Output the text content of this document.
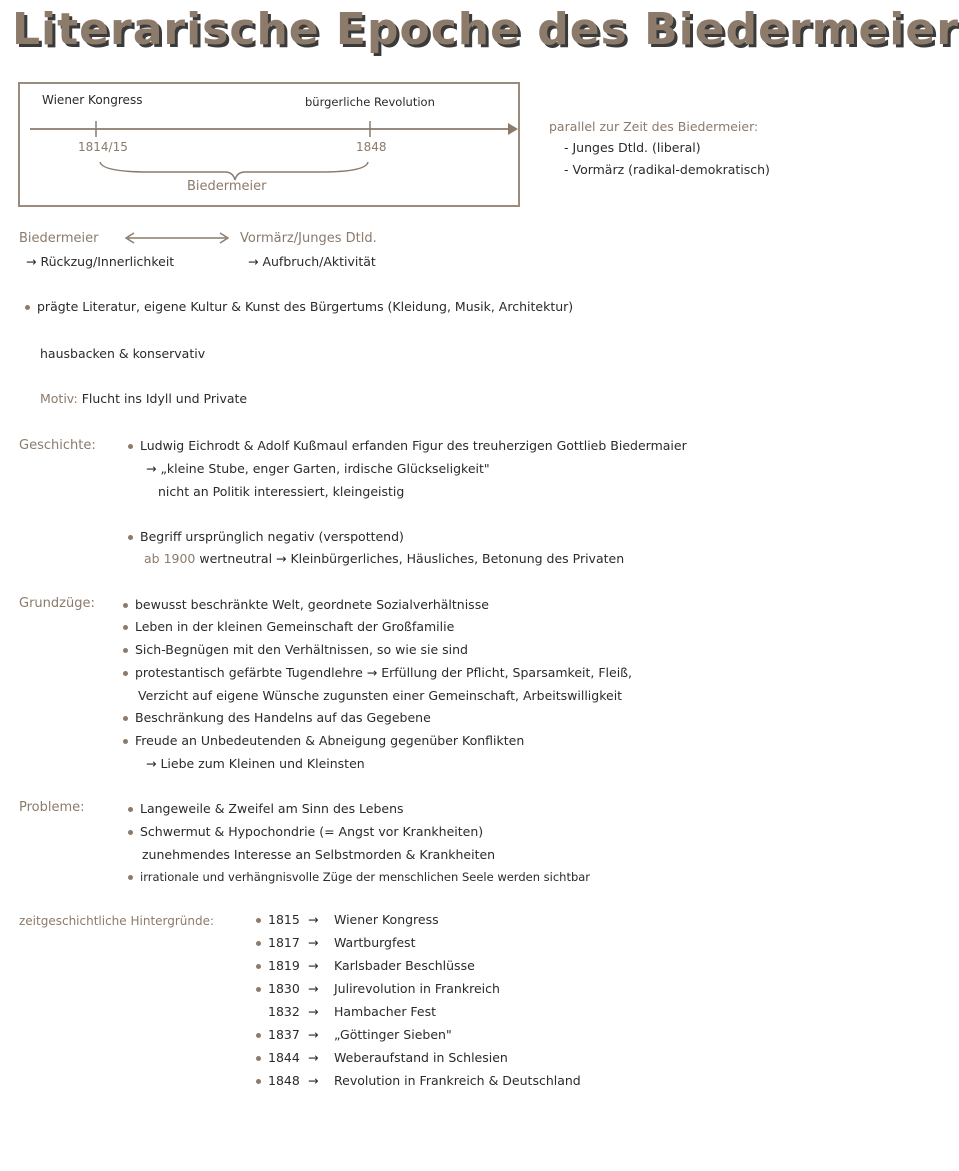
Literarische Epoche des Biedermeier
Wiener Kongress	bürgerliche Revolution
1814/15	1848
Biedermeier
parallel zur Zeit des Biedermeier:
- Junges Dtld. (liberal)
- Vormärz (radikal-demokratisch)
Biedermeier	Vormärz/Junges Dtld.
→ Rückzug/Innerlichkeit	→ Aufbruch/Aktivität
prägte Literatur, eigene Kultur & Kunst des Bürgertums (Kleidung, Musik, Architektur)
hausbacken & konservativ
Motiv: Flucht ins Idyll und Private
Geschichte:	Ludwig Eichrodt & Adolf Kußmaul erfanden Figur des treuherzigen Gottlieb Biedermaier
→ „kleine Stube, enger Garten, irdische Glückseligkeit"
nicht an Politik interessiert, kleingeistig
Begriff ursprünglich negativ (verspottend)
ab 1900 wertneutral → Kleinbürgerliches, Häusliches, Betonung des Privaten
Grundzüge:	bewusst beschränkte Welt, geordnete Sozialverhältnisse
Leben in der kleinen Gemeinschaft der Großfamilie
Sich-Begnügen mit den Verhältnissen, so wie sie sind
protestantisch gefärbte Tugendlehre → Erfüllung der Pflicht, Sparsamkeit, Fleiß,
Verzicht auf eigene Wünsche zugunsten einer Gemeinschaft, Arbeitswilligkeit
Beschränkung des Handelns auf das Gegebene
Freude an Unbedeutenden & Abneigung gegenüber Konflikten
→ Liebe zum Kleinen und Kleinsten
Probleme:	Langeweile & Zweifel am Sinn des Lebens
Schwermut & Hypochondrie (= Angst vor Krankheiten)
zunehmendes Interesse an Selbstmorden & Krankheiten
irrationale und verhängnisvolle Züge der menschlichen Seele werden sichtbar
zeitgeschichtliche Hintergründe:	1815 → Wiener Kongress
1817 → Wartburgfest
1819 → Karlsbader Beschlüsse
1830 → Julirevolution in Frankreich
1832 → Hambacher Fest
1837 → „Göttinger Sieben"
1844 → Weberaufstand in Schlesien
1848 → Revolution in Frankreich & Deutschland
